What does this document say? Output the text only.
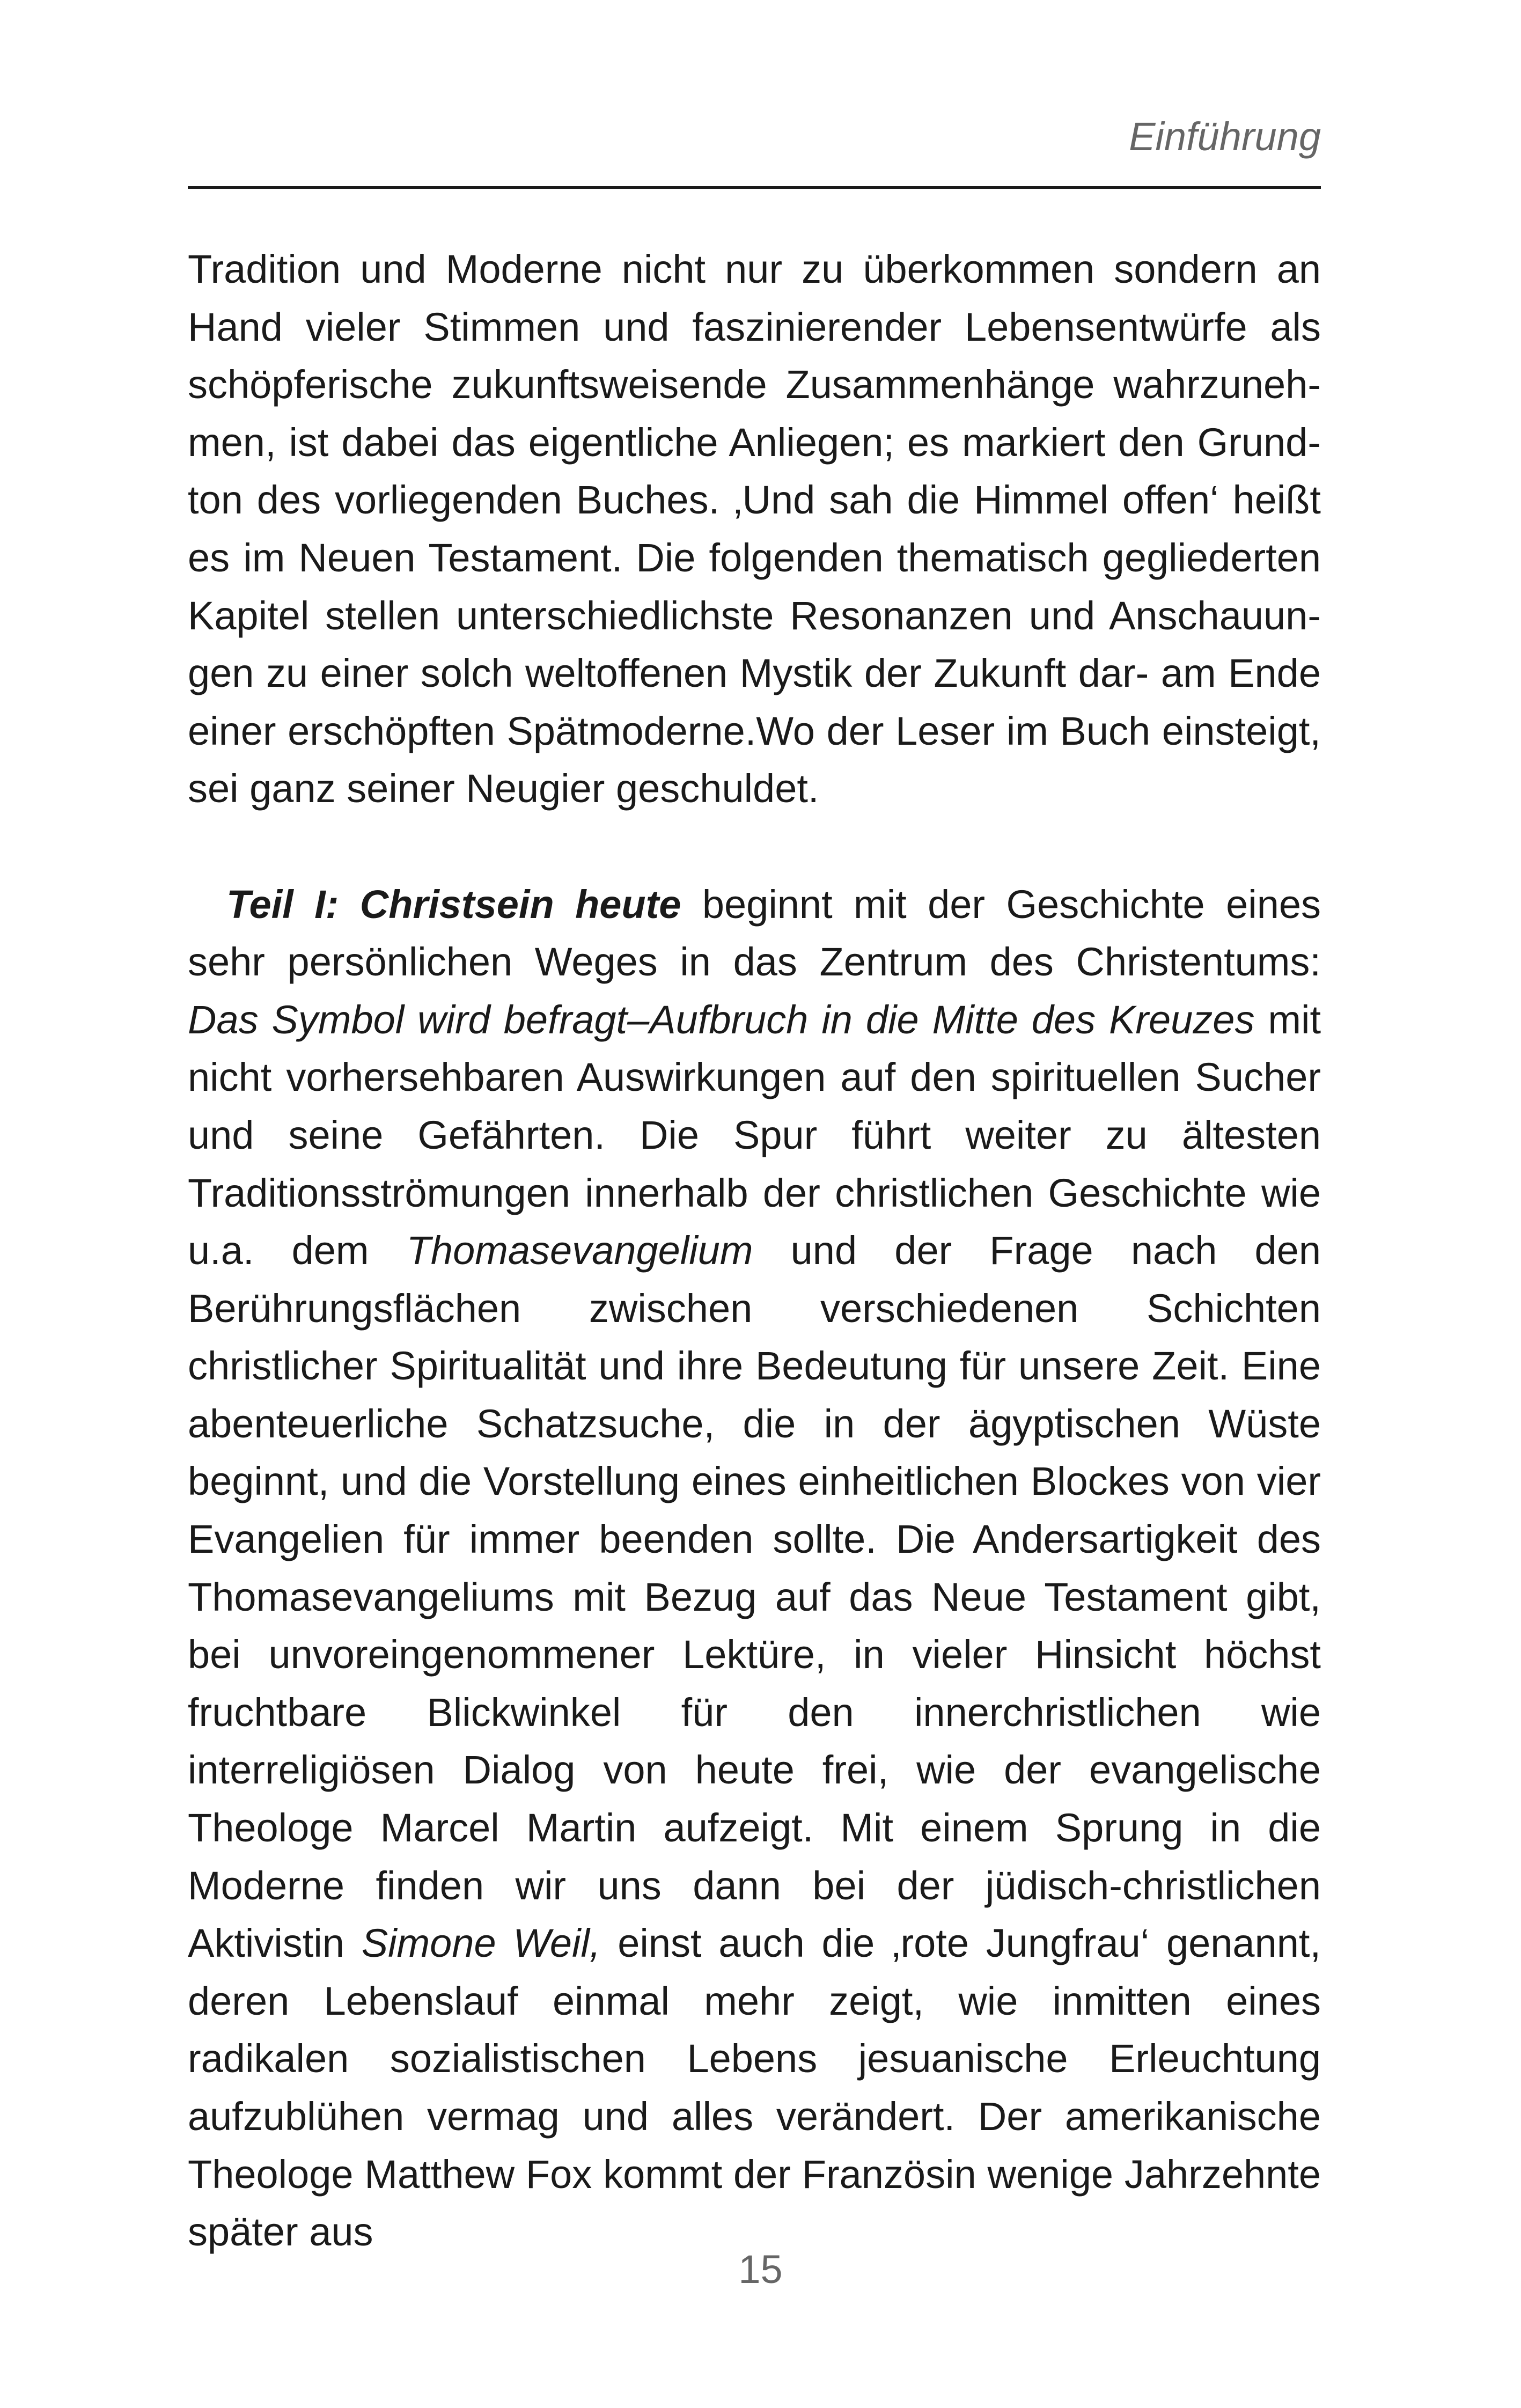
Einführung

Tradition und Moderne nicht nur zu überkommen sondern an Hand vieler Stimmen und faszinierender Lebensentwürfe als schöpferische zukunftsweisende Zusammenhänge wahrzunehmen, ist dabei das eigentliche Anliegen; es markiert den Grundton des vorliegenden Buches. ‚Und sah die Himmel offen‘ heißt es im Neuen Testament. Die folgenden thematisch gegliederten Kapitel stellen unterschiedlichste Resonanzen und Anschauungen zu einer solch weltoffenen Mystik der Zukunft dar- am Ende einer erschöpften Spätmoderne.Wo der Leser im Buch einsteigt, sei ganz seiner Neugier geschuldet.

Teil I: Christsein heute beginnt mit der Geschichte eines sehr persönlichen Weges in das Zentrum des Christentums: Das Symbol wird befragt–Aufbruch in die Mitte des Kreuzes mit nicht vorhersehbaren Auswirkungen auf den spirituellen Sucher und seine Gefährten. Die Spur führt weiter zu ältesten Traditionsströmungen innerhalb der christlichen Geschichte wie u.a. dem Thomasevangelium und der Frage nach den Berührungsflächen zwischen verschiedenen Schichten christlicher Spiritualität und ihre Bedeutung für unsere Zeit. Eine abenteuerliche Schatzsuche, die in der ägyptischen Wüste beginnt, und die Vorstellung eines einheitlichen Blockes von vier Evangelien für immer beenden sollte. Die Andersartigkeit des Thomasevangeliums mit Bezug auf das Neue Testament gibt, bei unvoreingenommener Lektüre, in vieler Hinsicht höchst fruchtbare Blickwinkel für den innerchristlichen wie interreligiösen Dialog von heute frei, wie der evangelische Theologe Marcel Martin aufzeigt. Mit einem Sprung in die Moderne finden wir uns dann bei der jüdisch-christlichen Aktivistin Simone Weil, einst auch die ‚rote Jungfrau‘ genannt, deren Lebenslauf einmal mehr zeigt, wie inmitten eines radikalen sozialistischen Lebens jesuanische Erleuchtung aufzublühen vermag und alles verändert. Der amerikanische Theologe Matthew Fox kommt der Französin wenige Jahrzehnte später aus

15
